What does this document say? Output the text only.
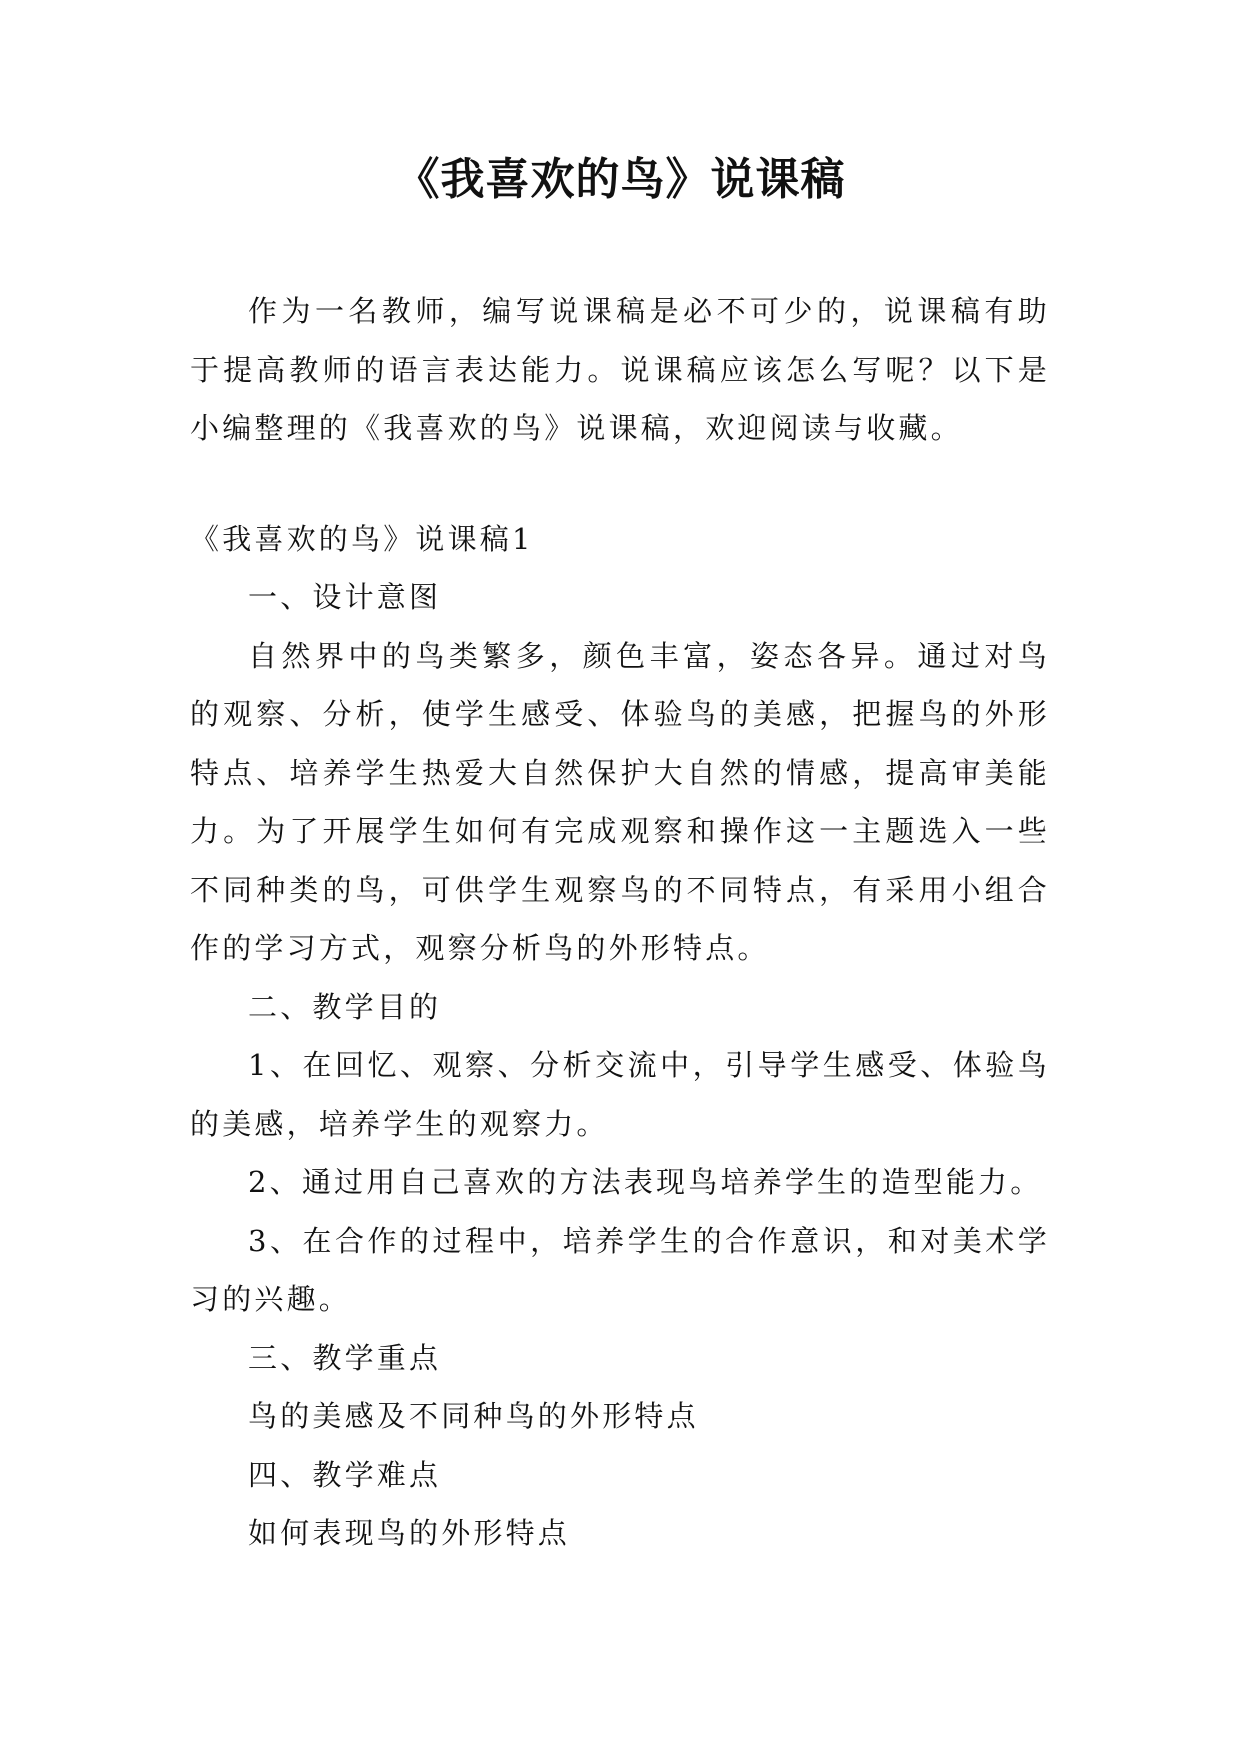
《我喜欢的鸟》说课稿

作为一名教师，编写说课稿是必不可少的，说课稿有助于提高教师的语言表达能力。说课稿应该怎么写呢？以下是小编整理的《我喜欢的鸟》说课稿，欢迎阅读与收藏。

《我喜欢的鸟》说课稿1

一、设计意图

自然界中的鸟类繁多，颜色丰富，姿态各异。通过对鸟的观察、分析，使学生感受、体验鸟的美感，把握鸟的外形特点、培养学生热爱大自然保护大自然的情感，提高审美能力。为了开展学生如何有完成观察和操作这一主题选入一些不同种类的鸟，可供学生观察鸟的不同特点，有采用小组合作的学习方式，观察分析鸟的外形特点。

二、教学目的

1、在回忆、观察、分析交流中，引导学生感受、体验鸟的美感，培养学生的观察力。

2、通过用自己喜欢的方法表现鸟培养学生的造型能力。

3、在合作的过程中，培养学生的合作意识，和对美术学习的兴趣。

三、教学重点

鸟的美感及不同种鸟的外形特点

四、教学难点

如何表现鸟的外形特点
